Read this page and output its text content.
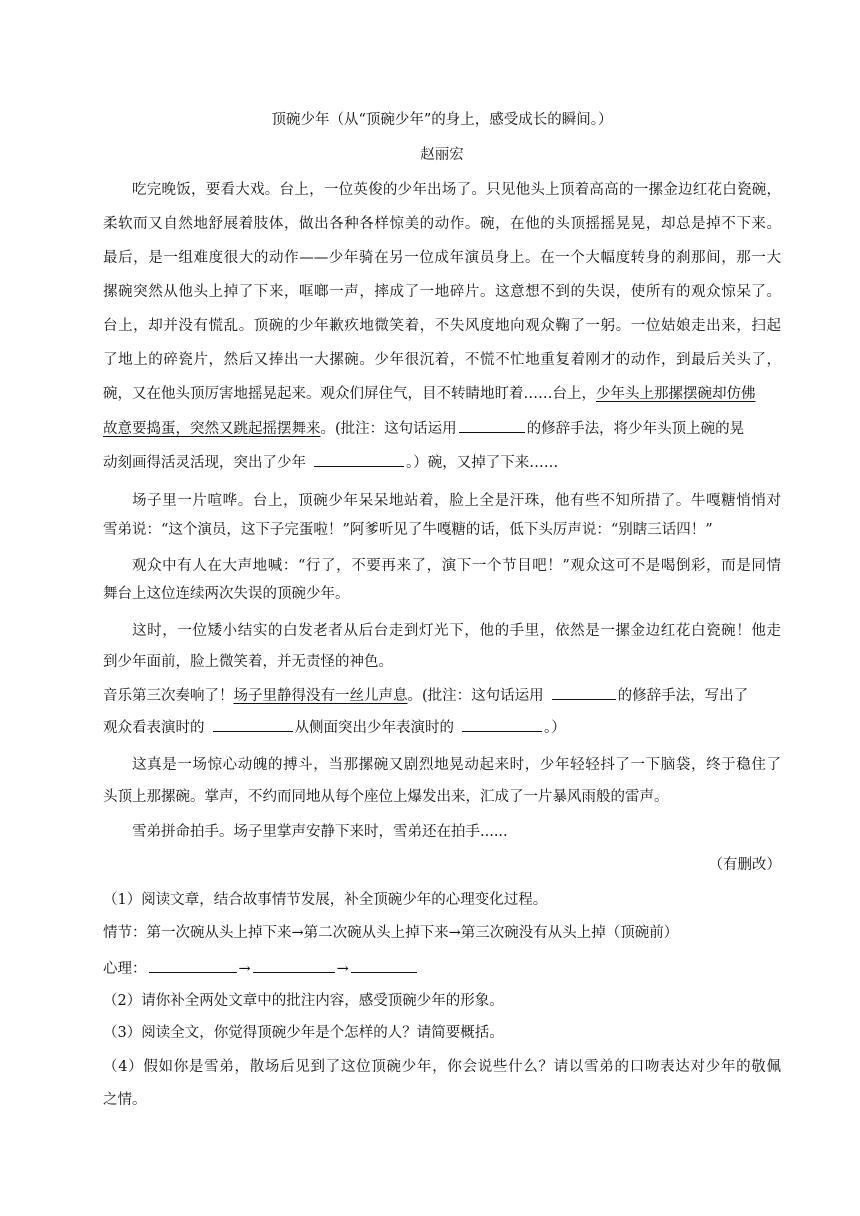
顶碗少年（从“顶碗少年”的身上，感受成长的瞬间。）
赵丽宏
吃完晚饭，要看大戏。台上，一位英俊的少年出场了。只见他头上顶着高高的一摞金边红花白瓷碗，
柔软而又自然地舒展着肢体，做出各种各样惊美的动作。碗，在他的头顶摇摇晃晃，却总是掉不下来。
最后，是一组难度很大的动作——少年骑在另一位成年演员身上。在一个大幅度转身的刹那间，那一大
摞碗突然从他头上掉了下来，哐啷一声，摔成了一地碎片。这意想不到的失误，使所有的观众惊呆了。
台上，却并没有慌乱。顶碗的少年歉疚地微笑着，不失风度地向观众鞠了一躬。一位姑娘走出来，扫起
了地上的碎瓷片，然后又捧出一大摞碗。少年很沉着，不慌不忙地重复着刚才的动作，到最后关头了，
碗，又在他头顶厉害地摇晃起来。观众们屏住气，目不转睛地盯着……台上，少年头上那摞摆碗却仿佛
故意要捣蛋，突然又跳起摇摆舞来。(批注：这句话运用	的修辞手法，将少年头顶上碗的晃
动刻画得活灵活现，突出了少年	。）碗，又掉了下来……
场子里一片喧哗。台上，顶碗少年呆呆地站着，脸上全是汗珠，他有些不知所措了。牛嘎糖悄悄对
雪弟说：“这个演员，这下子完蛋啦！”阿爹听见了牛嘎糖的话，低下头厉声说：“别瞎三话四！”
观众中有人在大声地喊：“行了，不要再来了，演下一个节目吧！”观众这可不是喝倒彩，而是同情
舞台上这位连续两次失误的顶碗少年。
这时，一位矮小结实的白发老者从后台走到灯光下，他的手里，依然是一摞金边红花白瓷碗！他走
到少年面前，脸上微笑着，并无责怪的神色。
音乐第三次奏响了！场子里静得没有一丝儿声息。(批注：这句话运用	的修辞手法，写出了
观众看表演时的	从侧面突出少年表演时的	。）
这真是一场惊心动魄的搏斗，当那摞碗又剧烈地晃动起来时，少年轻轻抖了一下脑袋，终于稳住了
头顶上那摞碗。掌声，不约而同地从每个座位上爆发出来，汇成了一片暴风雨般的雷声。
雪弟拼命拍手。场子里掌声安静下来时，雪弟还在拍手......
（有删改）
（1）阅读文章，结合故事情节发展，补全顶碗少年的心理变化过程。
情节：第一次碗从头上掉下来→第二次碗从头上掉下来→第三次碗没有从头上掉（顶碗前）
心理：	→	→
（2）请你补全两处文章中的批注内容，感受顶碗少年的形象。
（3）阅读全文，你觉得顶碗少年是个怎样的人？请简要概括。
（4）假如你是雪弟，散场后见到了这位顶碗少年，你会说些什么？请以雪弟的口吻表达对少年的敬佩
之情。
